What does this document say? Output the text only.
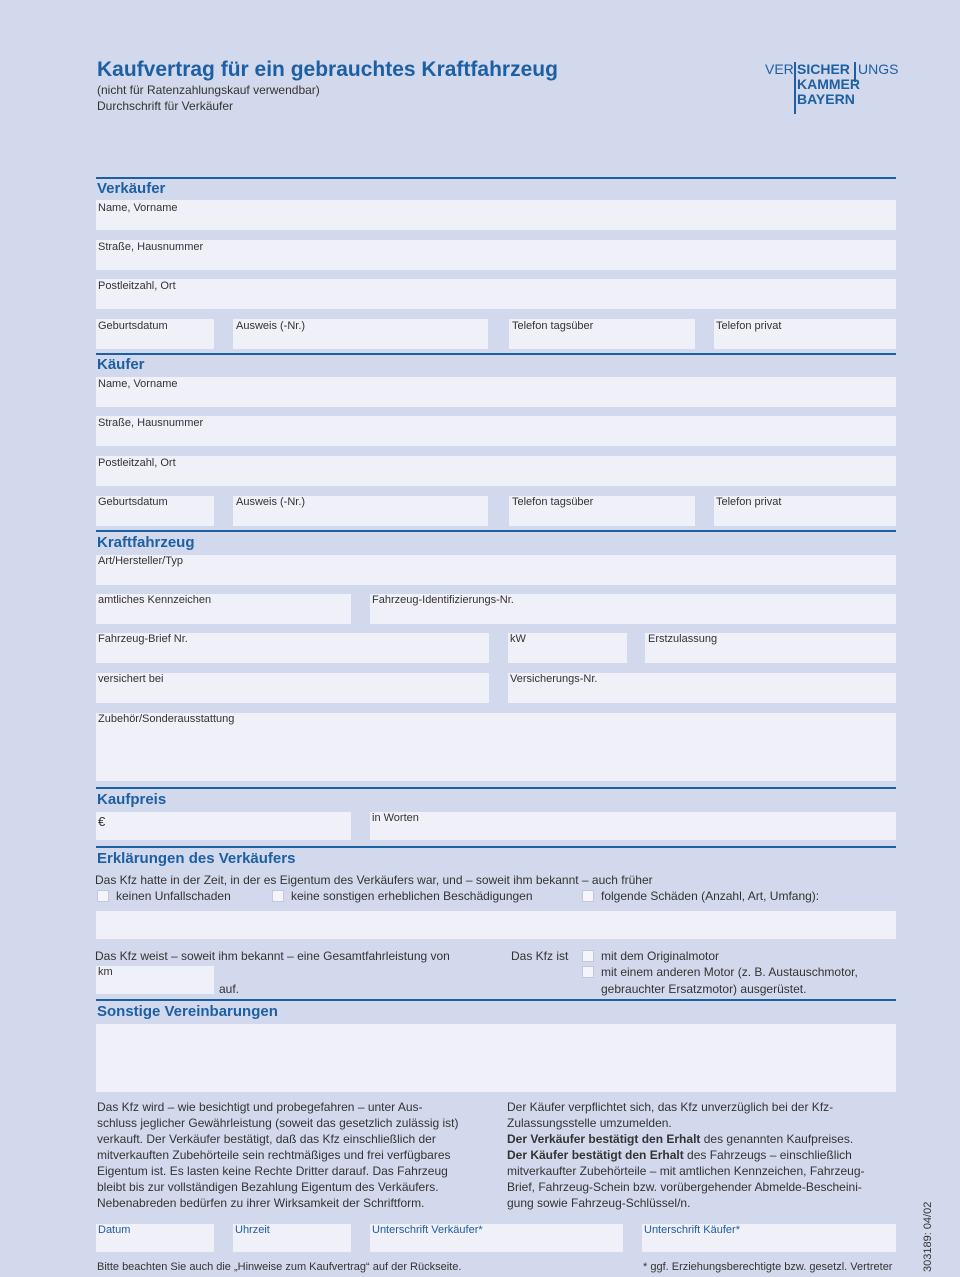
Kaufvertrag für ein gebrauchtes Kraftfahrzeug
(nicht für Ratenzahlungskauf verwendbar)
Durchschrift für Verkäufer
VER SICHER UNGS
KAMMER
BAYERN
Verkäufer
Name, Vorname
Straße, Hausnummer
Postleitzahl, Ort
Geburtsdatum	Ausweis (-Nr.)	Telefon tagsüber	Telefon privat
Käufer
Name, Vorname
Straße, Hausnummer
Postleitzahl, Ort
Geburtsdatum	Ausweis (-Nr.)	Telefon tagsüber	Telefon privat
Kraftfahrzeug
Art/Hersteller/Typ
amtliches Kennzeichen	Fahrzeug-Identifizierungs-Nr.
Fahrzeug-Brief Nr.	kW	Erstzulassung
versichert bei	Versicherungs-Nr.
Zubehör/Sonderausstattung
Kaufpreis
€	in Worten
Erklärungen des Verkäufers
Das Kfz hatte in der Zeit, in der es Eigentum des Verkäufers war, und – soweit ihm bekannt – auch früher
keinen Unfallschaden	keine sonstigen erheblichen Beschädigungen	folgende Schäden (Anzahl, Art, Umfang):
Das Kfz weist – soweit ihm bekannt – eine Gesamtfahrleistung von
km
auf.
Das Kfz ist	mit dem Originalmotor
mit einem anderen Motor (z. B. Austauschmotor,
gebrauchter Ersatzmotor) ausgerüstet.
Sonstige Vereinbarungen
Das Kfz wird – wie besichtigt und probegefahren – unter Aus-
schluss jeglicher Gewährleistung (soweit das gesetzlich zulässig ist)
verkauft. Der Verkäufer bestätigt, daß das Kfz einschließlich der
mitverkauften Zubehörteile sein rechtmäßiges und frei verfügbares
Eigentum ist. Es lasten keine Rechte Dritter darauf. Das Fahrzeug
bleibt bis zur vollständigen Bezahlung Eigentum des Verkäufers.
Nebenabreden bedürfen zu ihrer Wirksamkeit der Schriftform.
Der Käufer verpflichtet sich, das Kfz unverzüglich bei der Kfz-
Zulassungsstelle umzumelden.
Der Verkäufer bestätigt den Erhalt des genannten Kaufpreises.
Der Käufer bestätigt den Erhalt des Fahrzeugs – einschließlich
mitverkaufter Zubehörteile – mit amtlichen Kennzeichen, Fahrzeug-
Brief, Fahrzeug-Schein bzw. vorübergehender Abmelde-Bescheini-
gung sowie Fahrzeug-Schlüssel/n.
Datum	Uhrzeit	Unterschrift Verkäufer*	Unterschrift Käufer*
Bitte beachten Sie auch die „Hinweise zum Kaufvertrag“ auf der Rückseite.	* ggf. Erziehungsberechtigte bzw. gesetzl. Vertreter	303189: 04/02
